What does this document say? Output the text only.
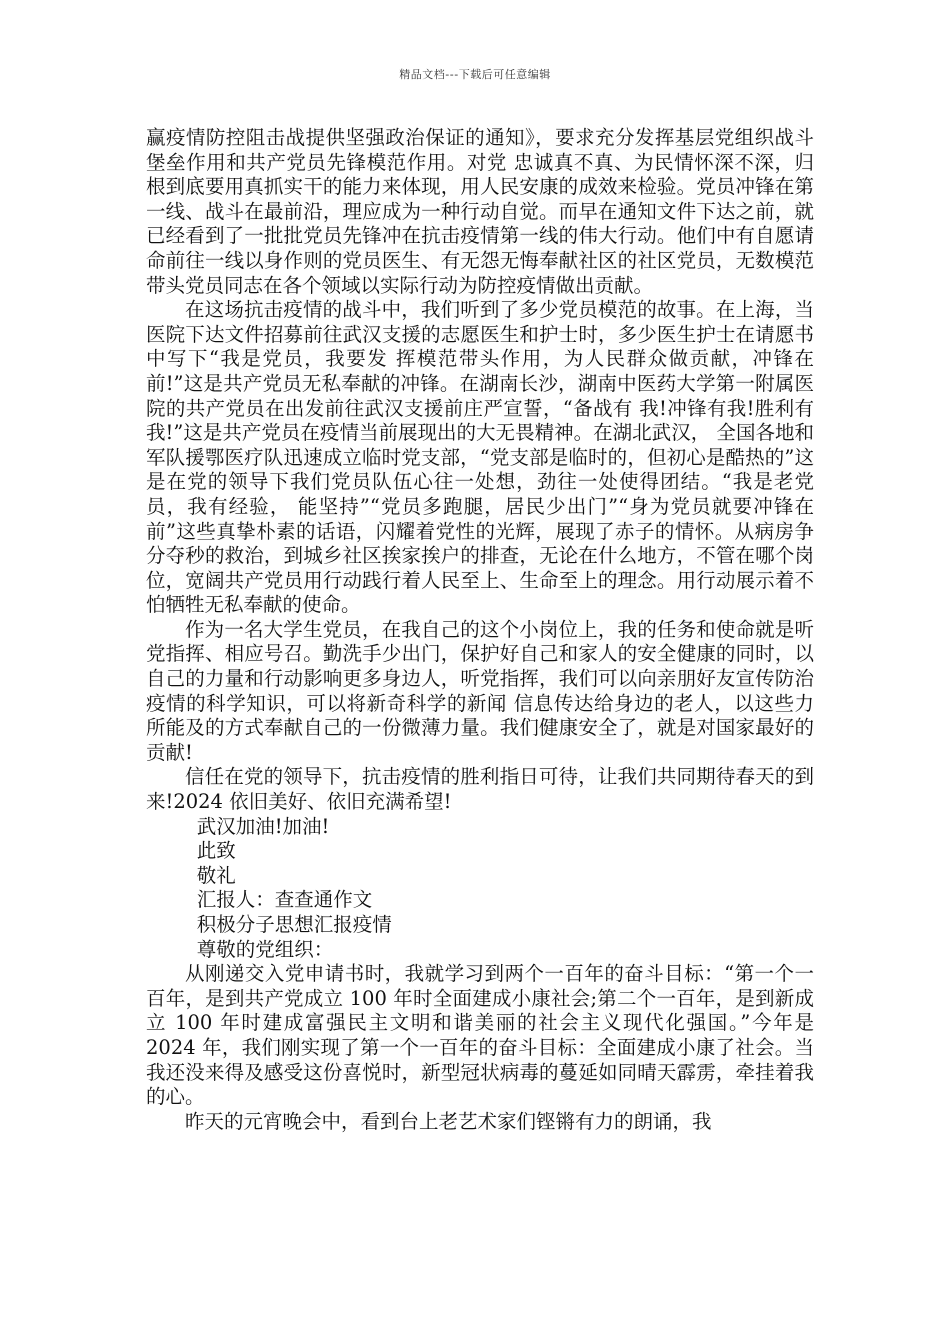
精品文档---下载后可任意编辑

赢疫情防控阻击战提供坚强政治保证的通知》，要求充分发挥基层党组织战斗堡垒作用和共产党员先锋模范作用。对党 忠诚真不真、为民情怀深不深，归根到底要用真抓实干的能力来体现，用人民安康的成效来检验。党员冲锋在第一线、战斗在最前沿，理应成为一种行动自觉。而早在通知文件下达之前，就已经看到了一批批党员先锋冲在抗击疫情第一线的伟大行动。他们中有自愿请命前往一线以身作则的党员医生、有无怨无悔奉献社区的社区党员，无数模范带头党员同志在各个领域以实际行动为防控疫情做出贡献。

在这场抗击疫情的战斗中，我们听到了多少党员模范的故事。在上海，当医院下达文件招募前往武汉支援的志愿医生和护士时，多少医生护士在请愿书中写下“我是党员，我要发 挥模范带头作用，为人民群众做贡献，冲锋在前!”这是共产党员无私奉献的冲锋。在湖南长沙，湖南中医药大学第一附属医院的共产党员在出发前往武汉支援前庄严宣誓，“备战有 我!冲锋有我!胜利有我!”这是共产党员在疫情当前展现出的大无畏精神。在湖北武汉， 全国各地和军队援鄂医疗队迅速成立临时党支部，“党支部是临时的，但初心是酷热的”这是在党的领导下我们党员队伍心往一处想，劲往一处使得团结。“我是老党员，我有经验， 能坚持”“党员多跑腿，居民少出门”“身为党员就要冲锋在前”这些真挚朴素的话语，闪耀着党性的光辉，展现了赤子的情怀。从病房争分夺秒的救治，到城乡社区挨家挨户的排查，无论在什么地方，不管在哪个岗位，宽阔共产党员用行动践行着人民至上、生命至上的理念。用行动展示着不怕牺牲无私奉献的使命。

作为一名大学生党员，在我自己的这个小岗位上，我的任务和使命就是听党指挥、相应号召。勤洗手少出门，保护好自己和家人的安全健康的同时，以自己的力量和行动影响更多身边人，听党指挥，我们可以向亲朋好友宣传防治疫情的科学知识，可以将新奇科学的新闻 信息传达给身边的老人，以这些力所能及的方式奉献自己的一份微薄力量。我们健康安全了，就是对国家最好的贡献!

信任在党的领导下，抗击疫情的胜利指日可待，让我们共同期待春天的到来!2024 依旧美好、依旧充满希望!

武汉加油!加油!

此致

敬礼

汇报人：查查通作文

积极分子思想汇报疫情

尊敬的党组织：

从刚递交入党申请书时，我就学习到两个一百年的奋斗目标：“第一个一百年，是到共产党成立 100 年时全面建成小康社会;第二个一百年，是到新成立 100 年时建成富强民主文明和谐美丽的社会主义现代化强国。”今年是 2024 年，我们刚实现了第一个一百年的奋斗目标：全面建成小康了社会。当我还没来得及感受这份喜悦时，新型冠状病毒的蔓延如同晴天霹雳，牵挂着我的心。

昨天的元宵晚会中，看到台上老艺术家们铿锵有力的朗诵，我
